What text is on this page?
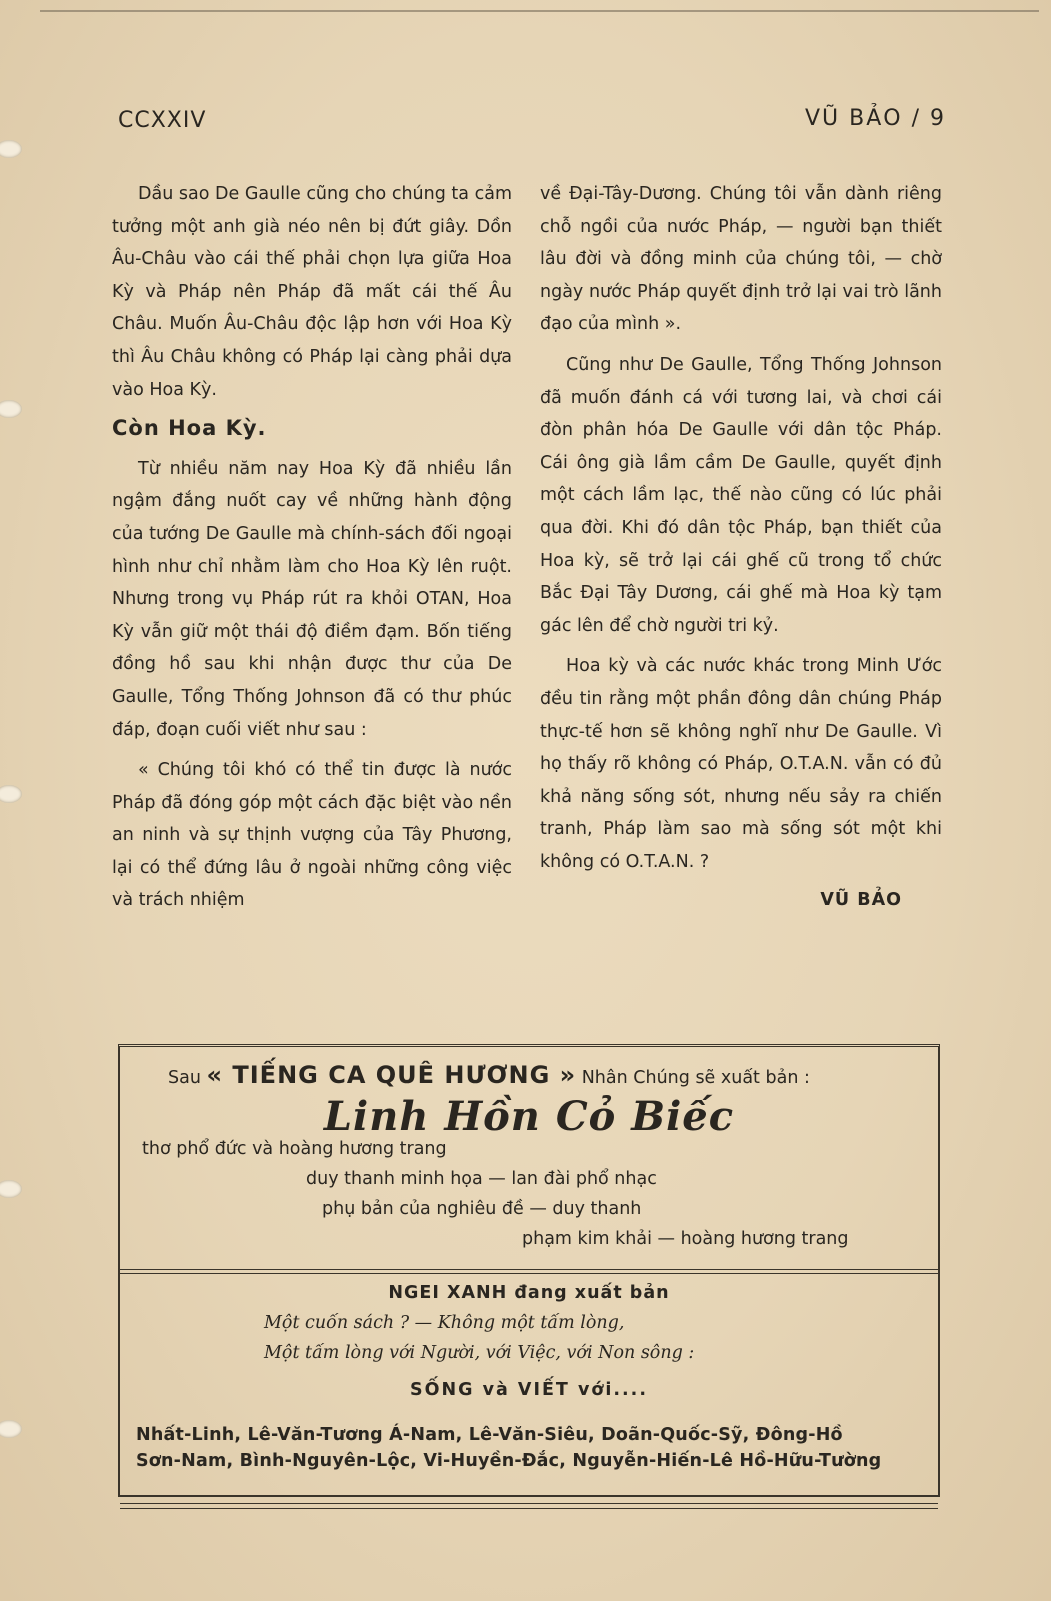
CCXXIV	VŨ BẢO / 9

Dầu sao De Gaulle cũng cho chúng ta cảm tưởng một anh già néo nên bị đứt giây. Dồn Âu-Châu vào cái thế phải chọn lựa giữa Hoa Kỳ và Pháp nên Pháp đã mất cái thế Âu Châu. Muốn Âu-Châu độc lập hơn với Hoa Kỳ thì Âu Châu không có Pháp lại càng phải dựa vào Hoa Kỳ.

Còn Hoa Kỳ.

Từ nhiều năm nay Hoa Kỳ đã nhiều lần ngậm đắng nuốt cay về những hành động của tướng De Gaulle mà chính-sách đối ngoại hình như chỉ nhằm làm cho Hoa Kỳ lên ruột. Nhưng trong vụ Pháp rút ra khỏi OTAN, Hoa Kỳ vẫn giữ một thái độ điềm đạm. Bốn tiếng đồng hồ sau khi nhận được thư của De Gaulle, Tổng Thống Johnson đã có thư phúc đáp, đoạn cuối viết như sau :

« Chúng tôi khó có thể tin được là nước Pháp đã đóng góp một cách đặc biệt vào nền an ninh và sự thịnh vượng của Tây Phương, lại có thể đứng lâu ở ngoài những công việc và trách nhiệm

về Đại-Tây-Dương. Chúng tôi vẫn dành riêng chỗ ngồi của nước Pháp, — người bạn thiết lâu đời và đồng minh của chúng tôi, — chờ ngày nước Pháp quyết định trở lại vai trò lãnh đạo của mình ».

Cũng như De Gaulle, Tổng Thống Johnson đã muốn đánh cá với tương lai, và chơi cái đòn phân hóa De Gaulle với dân tộc Pháp. Cái ông già lầm cầm De Gaulle, quyết định một cách lầm lạc, thế nào cũng có lúc phải qua đời. Khi đó dân tộc Pháp, bạn thiết của Hoa kỳ, sẽ trở lại cái ghế cũ trong tổ chức Bắc Đại Tây Dương, cái ghế mà Hoa kỳ tạm gác lên để chờ người tri kỷ.

Hoa kỳ và các nước khác trong Minh Ước đều tin rằng một phần đông dân chúng Pháp thực-tế hơn sẽ không nghĩ như De Gaulle. Vì họ thấy rõ không có Pháp, O.T.A.N. vẫn có đủ khả năng sống sót, nhưng nếu sảy ra chiến tranh, Pháp làm sao mà sống sót một khi không có O.T.A.N. ?

VŨ BẢO

Sau « TIẾNG CA QUÊ HƯƠNG » Nhân Chúng sẽ xuất bản :
Linh Hồn Cỏ Biếc
thơ phổ đức và hoàng hương trang
duy thanh minh họa — lan đài phổ nhạc
phụ bản của nghiêu đề — duy thanh
phạm kim khải — hoàng hương trang
NGEI XANH đang xuất bản
Một cuốn sách ? — Không một tấm lòng,
Một tấm lòng với Người, với Việc, với Non sông :
SỐNG và VIẾT với....
Nhất-Linh, Lê-Văn-Tương Á-Nam, Lê-Văn-Siêu, Doãn-Quốc-Sỹ, Đông-Hồ
Sơn-Nam, Bình-Nguyên-Lộc, Vi-Huyền-Đắc, Nguyễn-Hiến-Lê Hồ-Hữu-Tường
